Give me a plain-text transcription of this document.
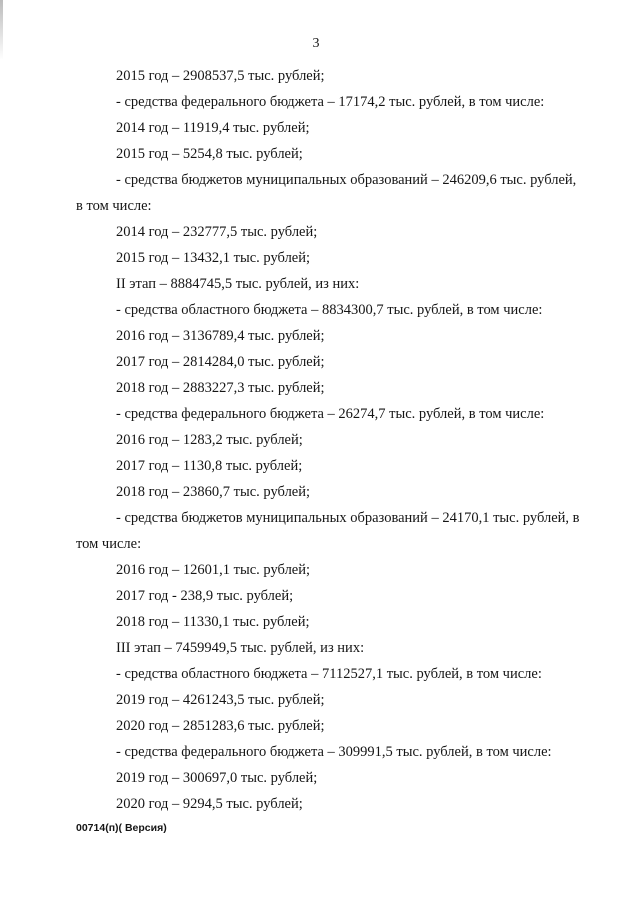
3
2015 год – 2908537,5 тыс. рублей;
- средства федерального бюджета – 17174,2 тыс. рублей, в том числе:
2014 год – 11919,4 тыс. рублей;
2015 год – 5254,8 тыс. рублей;
- средства бюджетов муниципальных образований – 246209,6 тыс. рублей,
в том числе:
2014 год – 232777,5 тыс. рублей;
2015 год – 13432,1 тыс. рублей;
II этап – 8884745,5 тыс. рублей, из них:
- средства областного бюджета – 8834300,7 тыс. рублей, в том числе:
2016 год – 3136789,4 тыс. рублей;
2017 год – 2814284,0 тыс. рублей;
2018 год – 2883227,3 тыс. рублей;
- средства федерального бюджета – 26274,7 тыс. рублей, в том числе:
2016 год – 1283,2 тыс. рублей;
2017 год – 1130,8 тыс. рублей;
2018 год – 23860,7 тыс. рублей;
- средства бюджетов муниципальных образований – 24170,1 тыс. рублей, в
том числе:
2016 год – 12601,1 тыс. рублей;
2017 год - 238,9 тыс. рублей;
2018 год – 11330,1 тыс. рублей;
III этап – 7459949,5 тыс. рублей, из них:
- средства областного бюджета – 7112527,1 тыс. рублей, в том числе:
2019 год – 4261243,5 тыс. рублей;
2020 год – 2851283,6 тыс. рублей;
- средства федерального бюджета – 309991,5 тыс. рублей, в том числе:
2019 год – 300697,0 тыс. рублей;
2020 год – 9294,5 тыс. рублей;
00714(п)( Версия)
